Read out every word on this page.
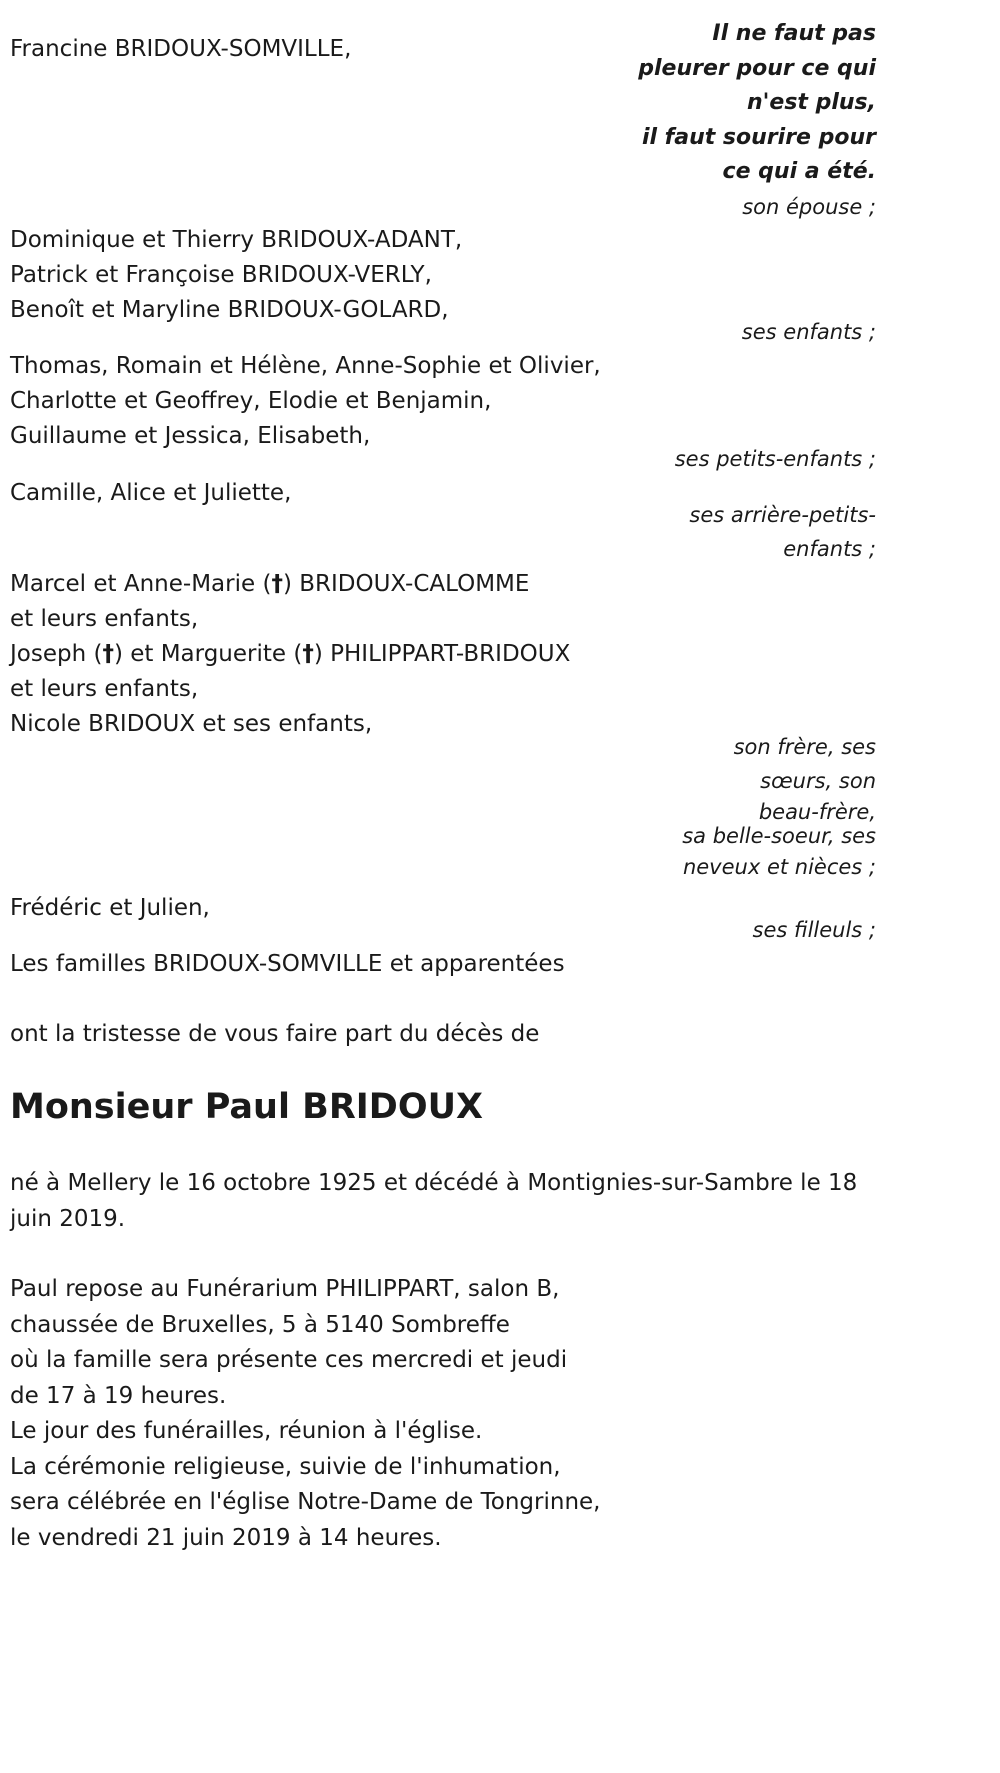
Il ne faut pas
pleurer pour ce qui
n'est plus,
il faut sourire pour
ce qui a été.
Francine BRIDOUX-SOMVILLE,
son épouse ;
Dominique et Thierry BRIDOUX-ADANT,
Patrick et Françoise BRIDOUX-VERLY,
Benoît et Maryline BRIDOUX-GOLARD,
ses enfants ;
Thomas, Romain et Hélène, Anne-Sophie et Olivier,
Charlotte et Geoffrey, Elodie et Benjamin,
Guillaume et Jessica, Elisabeth,
ses petits-enfants ;
Camille, Alice et Juliette,
ses arrière-petits-
enfants ;
Marcel et Anne-Marie (†) BRIDOUX-CALOMME
et leurs enfants,
Joseph (†) et Marguerite (†) PHILIPPART-BRIDOUX
et leurs enfants,
Nicole BRIDOUX et ses enfants,
son frère, ses
sœurs, son
beau-frère,
sa belle-soeur, ses
neveux et nièces ;
Frédéric et Julien,
ses filleuls ;
Les familles BRIDOUX-SOMVILLE et apparentées
ont la tristesse de vous faire part du décès de
Monsieur Paul BRIDOUX
né à Mellery le 16 octobre 1925 et décédé à Montignies-sur-Sambre le 18
juin 2019.
Paul repose au Funérarium PHILIPPART, salon B,
chaussée de Bruxelles, 5 à 5140 Sombreffe
où la famille sera présente ces mercredi et jeudi
de 17 à 19 heures.
Le jour des funérailles, réunion à l'église.
La cérémonie religieuse, suivie de l'inhumation,
sera célébrée en l'église Notre-Dame de Tongrinne,
le vendredi 21 juin 2019 à 14 heures.
